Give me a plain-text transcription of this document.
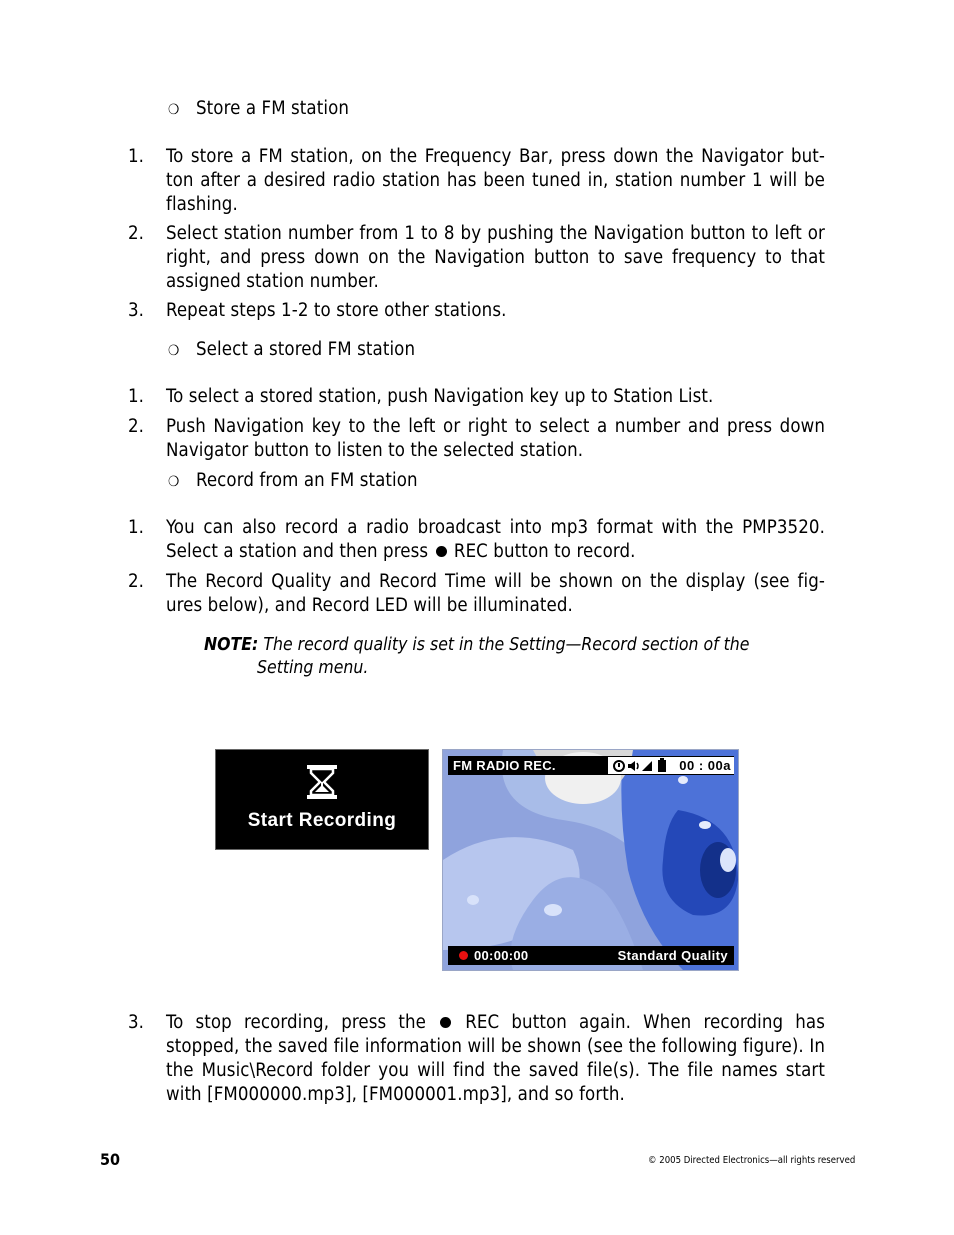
❍ Store a FM station
1.	To store a FM station, on the Frequency Bar, press down the Navigator but-ton after a desired radio station has been tuned in, station number 1 will be flashing.
2.	Select station number from 1 to 8 by pushing the Navigation button to left or right, and press down on the Navigation button to save frequency to that assigned station number.
3.	Repeat steps 1-2 to store other stations.
❍ Select a stored FM station
1.	To select a stored station, push Navigation key up to Station List.
2.	Push Navigation key to the left or right to select a number and press down Navigator button to listen to the selected station.
❍ Record from an FM station
1.	You can also record a radio broadcast into mp3 format with the PMP3520. Select a station and then press REC button to record.
2.	The Record Quality and Record Time will be shown on the display (see fig-ures below), and Record LED will be illuminated.
NOTE: The record quality is set in the Setting—Record section of the
Setting menu.
Start Recording
FM RADIO REC.	00 : 00a
00:00:00	Standard Quality
3.	To stop recording, press the REC button again. When recording has stopped, the saved file information will be shown (see the following figure). In the Music\Record folder you will find the saved file(s). The file names start with [FM000000.mp3], [FM000001.mp3], and so forth.
50	© 2005 Directed Electronics—all rights reserved
